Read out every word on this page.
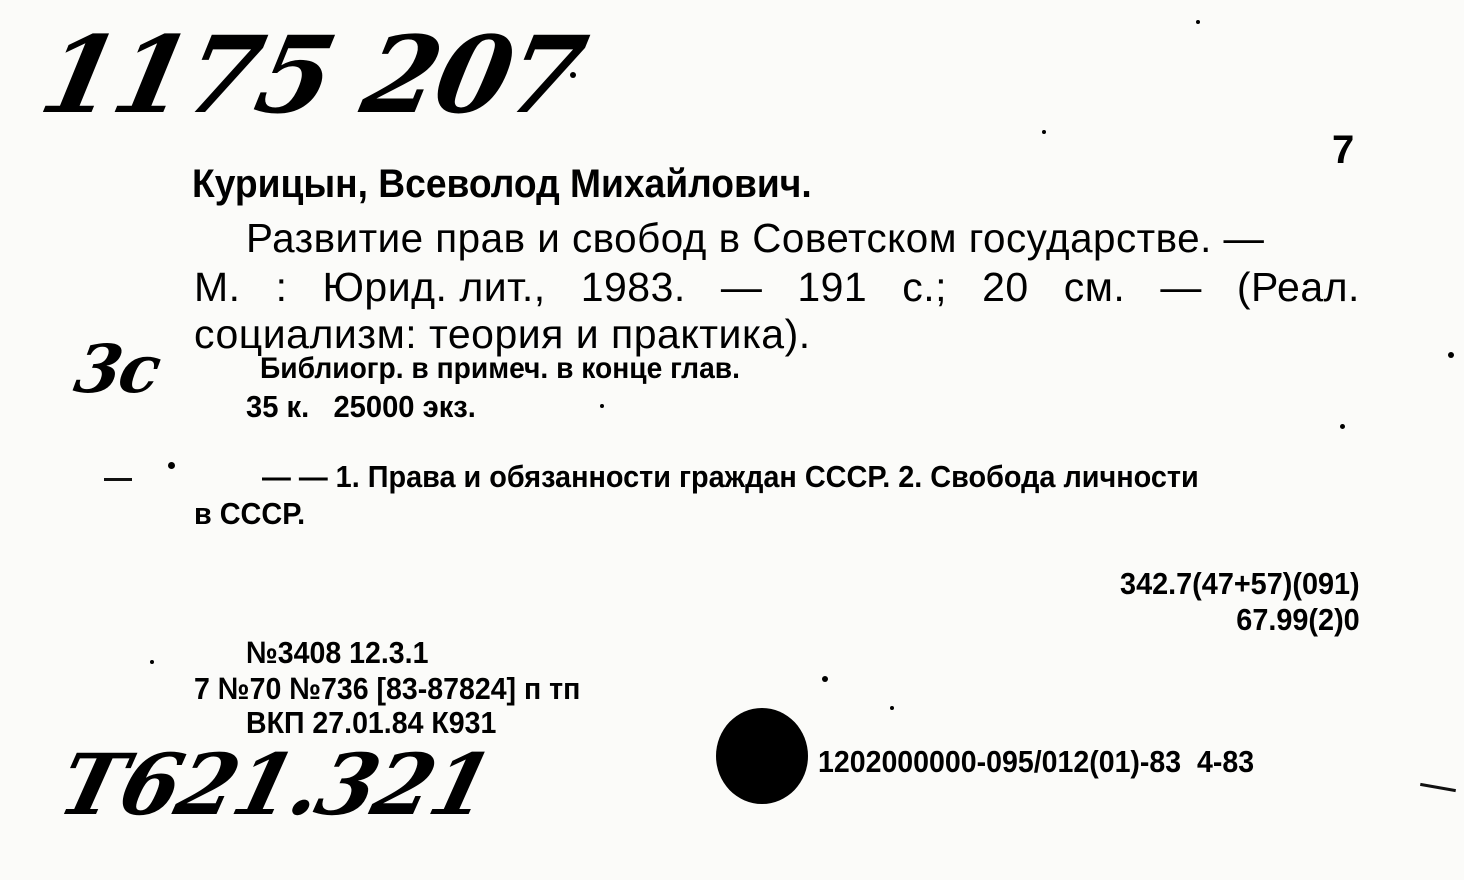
1175 207
3с
Т621.321
7
Курицын, Всеволод Михайлович.
Развитие прав и свобод в Советском государстве. —
М. : Юрид. лит., 1983. — 191 с.; 20 см. — (Реал.
социализм: теория и практика).
Библиогр. в примеч. в конце глав.
35 к.   25000 экз.
— — 1. Права и обязанности граждан СССР. 2. Свобода личности
в СССР.
342.7(47+57)(091)
67.99(2)0
№3408 12.3.1
7 №70 №736 [83-87824] п тп
ВКП 27.01.84 К931
1202000000-095/012(01)-83  4-83
